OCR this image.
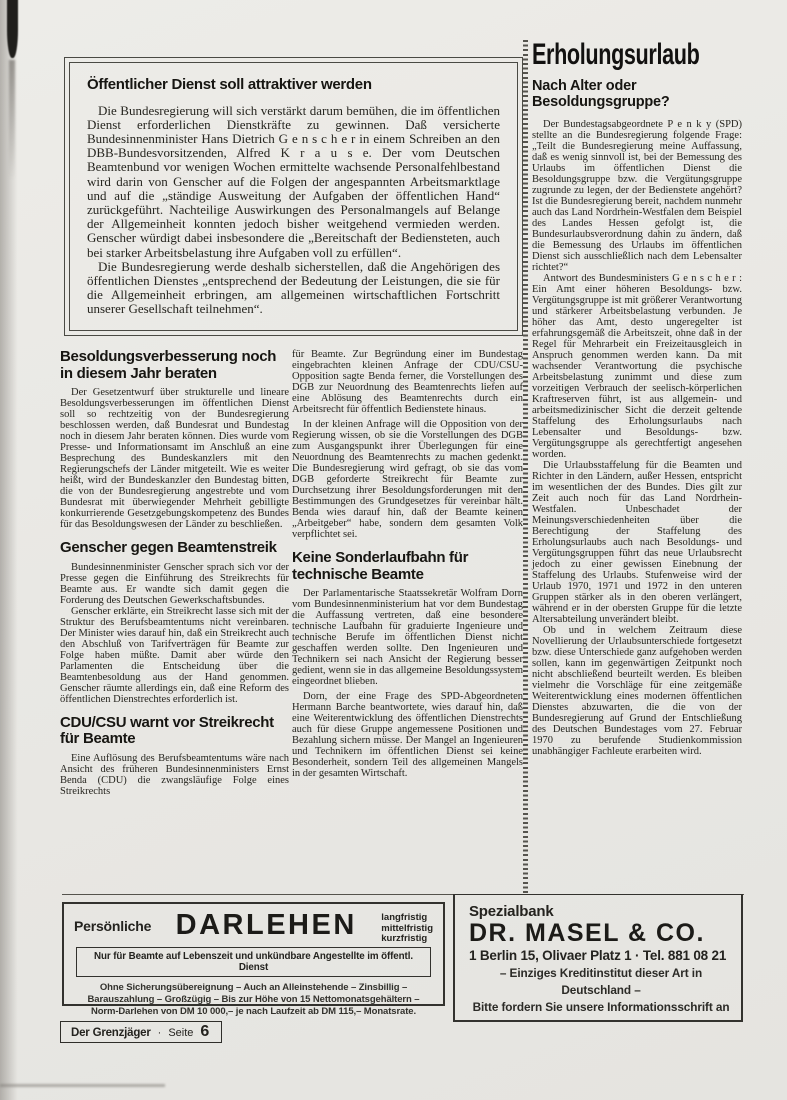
Öffentlicher Dienst soll attraktiver werden

Die Bundesregierung will sich verstärkt darum bemühen, die im öffentlichen Dienst erforderlichen Dienstkräfte zu gewinnen. Daß versicherte Bundesinnenminister Hans Dietrich G e n s c h e r in einem Schreiben an den DBB-Bundesvorsitzenden, Alfred K r a u s e. Der vom Deutschen Beamtenbund vor wenigen Wochen ermittelte wachsende Personalfehlbestand wird darin von Genscher auf die Folgen der angespannten Arbeitsmarktlage und auf die „ständige Ausweitung der Aufgaben der öffentlichen Hand“ zurückgeführt. Nachteilige Auswirkungen des Personalmangels auf Belange der Allgemeinheit konnten jedoch bisher weitgehend vermieden werden. Genscher würdigt dabei insbesondere die „Bereitschaft der Bediensteten, auch bei starker Arbeitsbelastung ihre Aufgaben voll zu erfüllen“.

Die Bundesregierung werde deshalb sicherstellen, daß die Angehörigen des öffentlichen Dienstes „entsprechend der Bedeutung der Leistungen, die sie für die Allgemeinheit erbringen, am allgemeinen wirtschaftlichen Fortschritt unserer Gesellschaft teilnehmen“.

Besoldungsverbesserung noch in diesem Jahr beraten

Der Gesetzentwurf über strukturelle und lineare Besoldungsverbesserungen im öffentlichen Dienst soll so rechtzeitig von der Bundesregierung beschlossen werden, daß Bundesrat und Bundestag noch in diesem Jahr beraten können. Dies wurde vom Presse- und Informationsamt im Anschluß an eine Besprechung des Bundeskanzlers mit den Regierungschefs der Länder mitgeteilt. Wie es weiter heißt, wird der Bundeskanzler den Bundestag bitten, die von der Bundesregierung angestrebte und vom Bundesrat mit überwiegender Mehrheit gebilligte konkurrierende Gesetzgebungskompetenz des Bundes für das Besoldungswesen der Länder zu beschließen.

Genscher gegen Beamtenstreik

Bundesinnenminister Genscher sprach sich vor der Presse gegen die Einführung des Streikrechts für Beamte aus. Er wandte sich damit gegen die Forderung des Deutschen Gewerkschaftsbundes.

Genscher erklärte, ein Streikrecht lasse sich mit der Struktur des Berufsbeamtentums nicht vereinbaren. Der Minister wies darauf hin, daß ein Streikrecht auch den Abschluß von Tarifverträgen für Beamte zur Folge haben müßte. Damit aber würde den Parlamenten die Entscheidung über die Beamtenbesoldung aus der Hand genommen. Genscher räumte allerdings ein, daß eine Reform des öffentlichen Dienstrechtes erforderlich ist.

CDU/CSU warnt vor Streikrecht für Beamte

Eine Auflösung des Berufsbeamtentums wäre nach Ansicht des früheren Bundesinnenministers Ernst Benda (CDU) die zwangsläufige Folge eines Streikrechts

für Beamte. Zur Begründung einer im Bundestag eingebrachten kleinen Anfrage der CDU/CSU-Opposition sagte Benda ferner, die Vorstellungen des DGB zur Neuordnung des Beamtenrechts liefen auf eine Ablösung des Beamtenrechts durch ein Arbeitsrecht für öffentlich Bedienstete hinaus.

In der kleinen Anfrage will die Opposition von der Regierung wissen, ob sie die Vorstellungen des DGB zum Ausgangspunkt ihrer Überlegungen für eine Neuordnung des Beamtenrechts zu machen gedenkt. Die Bundesregierung wird gefragt, ob sie das vom DGB geforderte Streikrecht für Beamte zur Durchsetzung ihrer Besoldungsforderungen mit den Bestimmungen des Grundgesetzes für vereinbar hält. Benda wies darauf hin, daß der Beamte keinen „Arbeitgeber“ habe, sondern dem gesamten Volk verpflichtet sei.

Keine Sonderlaufbahn für technische Beamte

Der Parlamentarische Staatssekretär Wolfram Dorn vom Bundesinnenministerium hat vor dem Bundestag die Auffassung vertreten, daß eine besondere technische Laufbahn für graduierte Ingenieure und technische Berufe im öffentlichen Dienst nicht geschaffen werden sollte. Den Ingenieuren und Technikern sei nach Ansicht der Regierung besser gedient, wenn sie in das allgemeine Besoldungssystem eingeordnet blieben.

Dorn, der eine Frage des SPD-Abgeordneten Hermann Barche beantwortete, wies darauf hin, daß eine Weiterentwicklung des öffentlichen Dienstrechts auch für diese Gruppe angemessene Positionen und Bezahlung sichern müsse. Der Mangel an Ingenieuren und Technikern im öffentlichen Dienst sei keine Besonderheit, sondern Teil des allgemeinen Mangels in der gesamten Wirtschaft.

Erholungsurlaub
Nach Alter oder Besoldungsgruppe?

Der Bundestagsabgeordnete P e n k y (SPD) stellte an die Bundesregierung folgende Frage: „Teilt die Bundesregierung meine Auffassung, daß es wenig sinnvoll ist, bei der Bemessung des Urlaubs im öffentlichen Dienst die Besoldungsgruppe bzw. die Vergütungsgruppe zugrunde zu legen, der der Bedienstete angehört? Ist die Bundesregierung bereit, nachdem nunmehr auch das Land Nordrhein-Westfalen dem Beispiel des Landes Hessen gefolgt ist, die Bundesurlaubsverordnung dahin zu ändern, daß die Bemessung des Urlaubs im öffentlichen Dienst sich ausschließlich nach dem Lebensalter richtet?“

Antwort des Bundesministers G e n s c h e r : Ein Amt einer höheren Besoldungs- bzw. Vergütungsgruppe ist mit größerer Verantwortung und stärkerer Arbeitsbelastung verbunden. Je höher das Amt, desto ungeregelter ist erfahrungsgemäß die Arbeitszeit, ohne daß in der Regel für Mehrarbeit ein Freizeitausgleich in Anspruch genommen werden kann. Da mit wachsender Verantwortung die psychische Arbeitsbelastung zunimmt und diese zum vorzeitigen Verbrauch der seelisch-körperlichen Kraftreserven führt, ist aus allgemein- und arbeitsmedizinischer Sicht die derzeit geltende Staffelung des Erholungsurlaubs nach Lebensalter und Besoldungs- bzw. Vergütungsgruppe als gerechtfertigt angesehen worden.

Die Urlaubsstaffelung für die Beamten und Richter in den Ländern, außer Hessen, entspricht im wesentlichen der des Bundes. Dies gilt zur Zeit auch noch für das Land Nordrhein-Westfalen. Unbeschadet der Meinungsverschiedenheiten über die Berechtigung der Staffelung des Erholungsurlaubs auch nach Besoldungs- und Vergütungsgruppen führt das neue Urlaubsrecht jedoch zu einer gewissen Einebnung der Staffelung des Urlaubs. Stufenweise wird der Urlaub 1970, 1971 und 1972 in den unteren Gruppen stärker als in den oberen verlängert, während er in der obersten Gruppe für die letzte Altersabteilung unverändert bleibt.

Ob und in welchem Zeitraum diese Novellierung der Urlaubsunterschiede fortgesetzt bzw. diese Unterschiede ganz aufgehoben werden sollen, kann im gegenwärtigen Zeitpunkt noch nicht abschließend beurteilt werden. Es bleiben vielmehr die Vorschläge für eine zeitgemäße Weiterentwicklung eines modernen öffentlichen Dienstes abzuwarten, die die von der Bundesregierung auf Grund der Entschließung des Deutschen Bundestages vom 27. Februar 1970 zu berufende Studienkommission unabhängiger Fachleute erarbeiten wird.

Persönliche DARLEHEN	langfristig
mittelfristig
kurzfristig
Nur für Beamte auf Lebenszeit und unkündbare Angestellte im öffentl. Dienst
Ohne Sicherungsübereignung – Auch an Alleinstehende – Zinsbillig – Barauszahlung – Großzügig – Bis zur Höhe von 15 Nettomonatsgehältern – Norm-Darlehen von DM 10 000,– je nach Laufzeit ab DM 115,– Monatsrate.
Spezialbank
DR. MASEL & CO.
1 Berlin 15, Olivaer Platz 1 · Tel. 881 08 21
– Einziges Kreditinstitut dieser Art in Deutschland –
Bitte fordern Sie unsere Informationsschrift an
Der Grenzjäger · Seite 6
